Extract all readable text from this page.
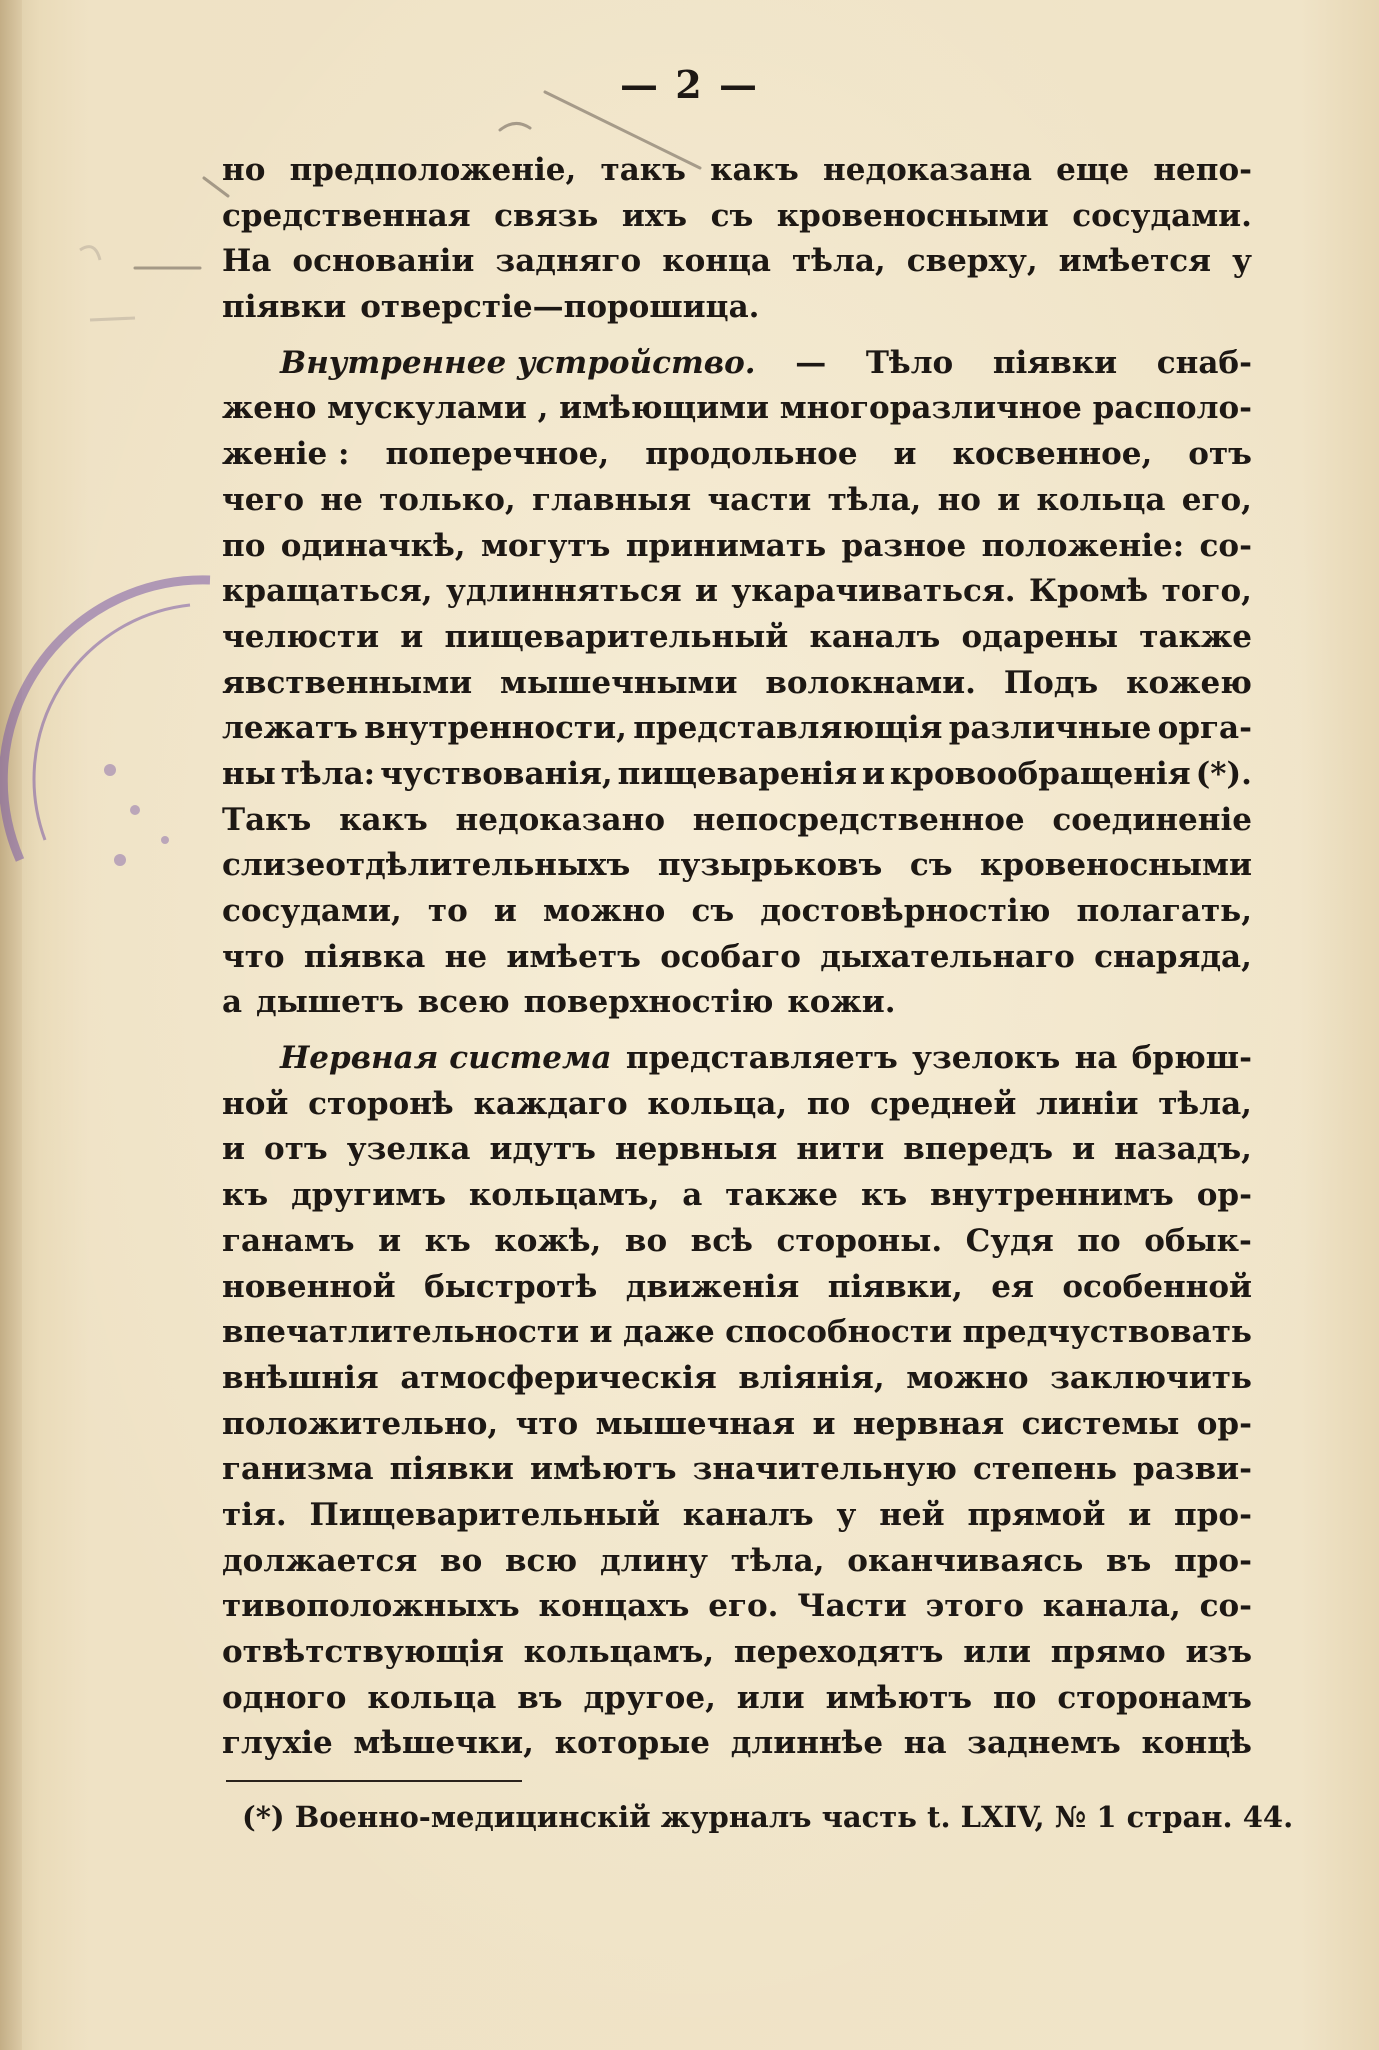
— 2 —
но предположеніе, такъ какъ недоказана еще непо-
средственная связь ихъ съ кровеносными сосудами.
На основаніи задняго конца тѣла, сверху, имѣется у
піявки отверстіе—порошица.
Внутреннее устройство. — Тѣло піявки снаб-
жено мускулами , имѣющими многоразличное располо-
женіе : поперечное, продольное и косвенное, отъ
чего не только, главныя части тѣла, но и кольца его,
по одиначкѣ, могутъ принимать разное положеніе: со-
кращаться, удлинняться и укарачиваться. Кромѣ того,
челюсти и пищеварительный каналъ одарены также
явственными мышечными волокнами. Подъ кожею
лежатъ внутренности, представляющія различные орга-
ны тѣла: чуствованія, пищеваренія и кровообращенія (*).
Такъ какъ недоказано непосредственное соединеніе
слизеотдѣлительныхъ пузырьковъ съ кровеносными
сосудами, то и можно съ достовѣрностію полагать,
что піявка не имѣетъ особаго дыхательнаго снаряда,
а дышетъ всею поверхностію кожи.
Нервная система представляетъ узелокъ на брюш-
ной сторонѣ каждаго кольца, по средней линіи тѣла,
и отъ узелка идутъ нервныя нити впередъ и назадъ,
къ другимъ кольцамъ, а также къ внутреннимъ ор-
ганамъ и къ кожѣ, во всѣ стороны. Судя по обык-
новенной быстротѣ движенія піявки, ея особенной
впечатлительности и даже способности предчуствовать
внѣшнія атмосферическія вліянія, можно заключить
положительно, что мышечная и нервная системы ор-
ганизма піявки имѣютъ значительную степень разви-
тія. Пищеварительный каналъ у ней прямой и про-
должается во всю длину тѣла, оканчиваясь въ про-
тивоположныхъ концахъ его. Части этого канала, со-
отвѣтствующія кольцамъ, переходятъ или прямо изъ
одного кольца въ другое, или имѣютъ по сторонамъ
глухіе мѣшечки, которые длиннѣе на заднемъ концѣ
(*) Военно-медицинскій журналъ часть t. LXIV, № 1 стран. 44.
